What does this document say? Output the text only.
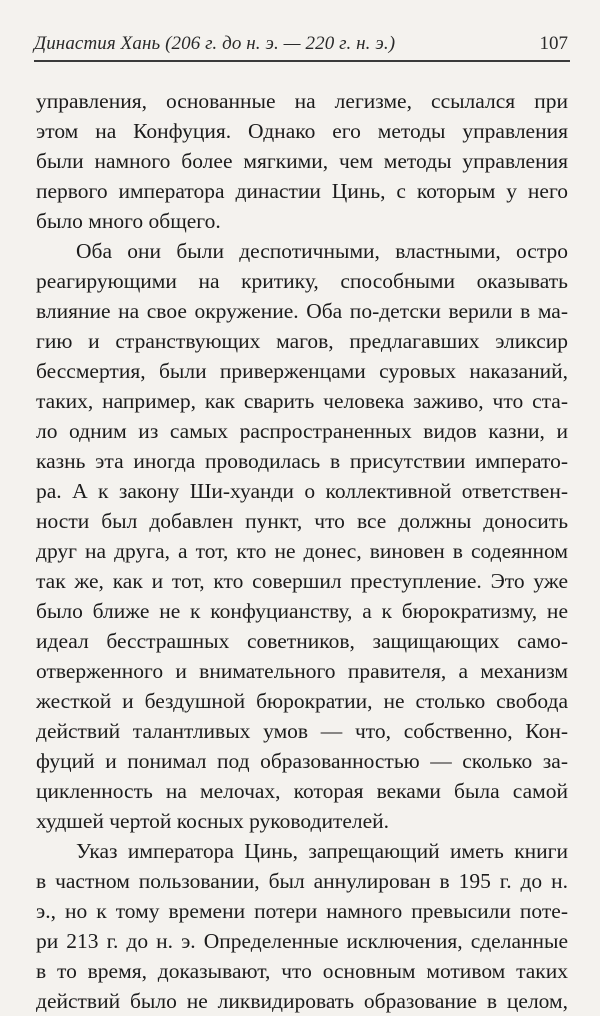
Династия Хань (206 г. до н. э. — 220 г. н. э.)	107
управления, основанные на легизме, ссылался при
этом на Конфуция. Однако его методы управления
были намного более мягкими, чем методы управления
первого императора династии Цинь, с которым у него
было много общего.
Оба они были деспотичными, властными, остро
реагирующими на критику, способными оказывать
влияние на свое окружение. Оба по-детски верили в ма-
гию и странствующих магов, предлагавших эликсир
бессмертия, были приверженцами суровых наказаний,
таких, например, как сварить человека заживо, что ста-
ло одним из самых распространенных видов казни, и
казнь эта иногда проводилась в присутствии императо-
ра. А к закону Ши-хуанди о коллективной ответствен-
ности был добавлен пункт, что все должны доносить
друг на друга, а тот, кто не донес, виновен в содеянном
так же, как и тот, кто совершил преступление. Это уже
было ближе не к конфуцианству, а к бюрократизму, не
идеал бесстрашных советников, защищающих само-
отверженного и внимательного правителя, а механизм
жесткой и бездушной бюрократии, не столько свобода
действий талантливых умов — что, собственно, Кон-
фуций и понимал под образованностью — сколько за-
цикленность на мелочах, которая веками была самой
худшей чертой косных руководителей.
Указ императора Цинь, запрещающий иметь книги
в частном пользовании, был аннулирован в 195 г. до н.
э., но к тому времени потери намного превысили поте-
ри 213 г. до н. э. Определенные исключения, сделанные
в то время, доказывают, что основным мотивом таких
действий было не ликвидировать образование в целом,
